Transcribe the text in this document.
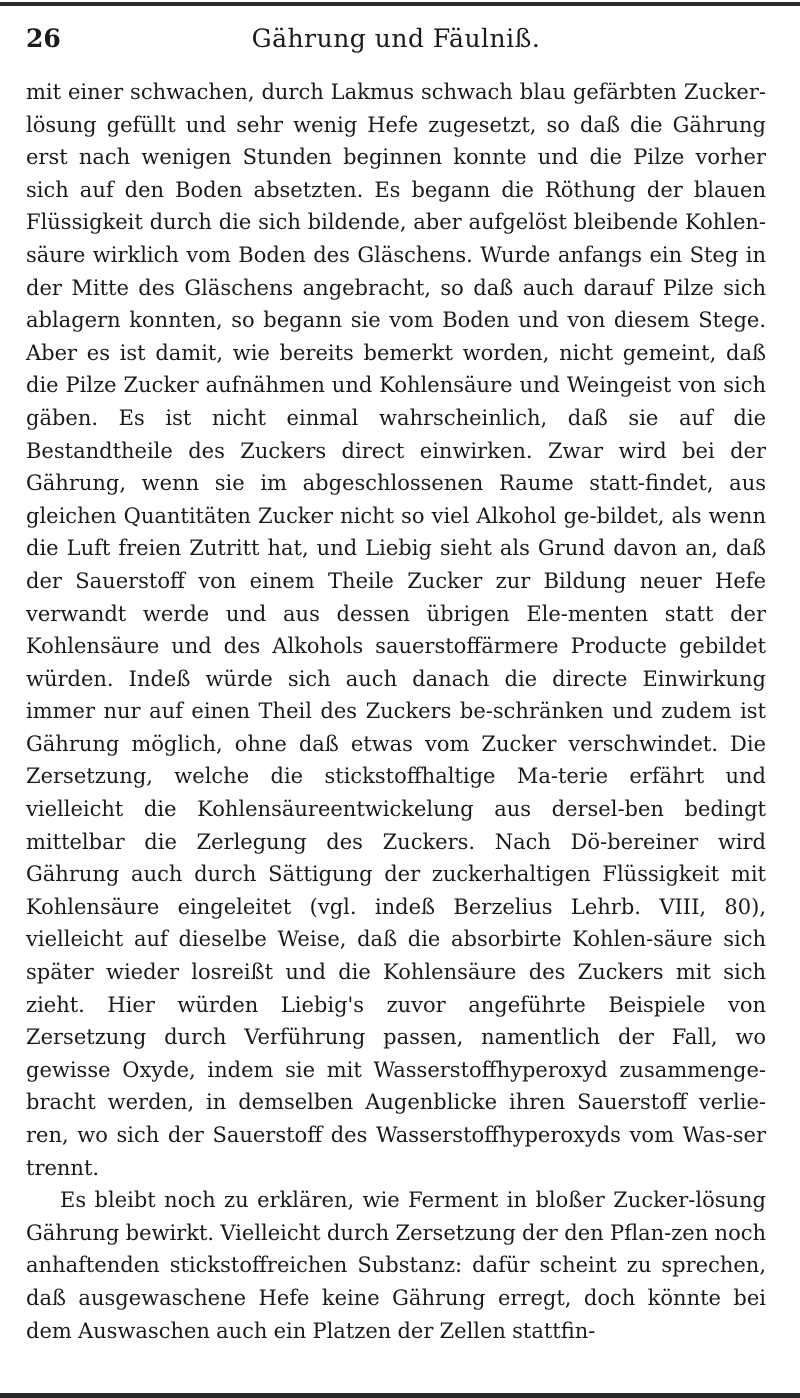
26	Gährung und Fäulniß.

mit einer schwachen, durch Lakmus schwach blau gefärbten Zucker-lösung gefüllt und sehr wenig Hefe zugesetzt, so daß die Gährung erst nach wenigen Stunden beginnen konnte und die Pilze vorher sich auf den Boden absetzten. Es begann die Röthung der blauen Flüssigkeit durch die sich bildende, aber aufgelöst bleibende Kohlen-säure wirklich vom Boden des Gläschens. Wurde anfangs ein Steg in der Mitte des Gläschens angebracht, so daß auch darauf Pilze sich ablagern konnten, so begann sie vom Boden und von diesem Stege. Aber es ist damit, wie bereits bemerkt worden, nicht gemeint, daß die Pilze Zucker aufnähmen und Kohlensäure und Weingeist von sich gäben. Es ist nicht einmal wahrscheinlich, daß sie auf die Bestandtheile des Zuckers direct einwirken. Zwar wird bei der Gährung, wenn sie im abgeschlossenen Raume statt-findet, aus gleichen Quantitäten Zucker nicht so viel Alkohol ge-bildet, als wenn die Luft freien Zutritt hat, und Liebig sieht als Grund davon an, daß der Sauerstoff von einem Theile Zucker zur Bildung neuer Hefe verwandt werde und aus dessen übrigen Ele-menten statt der Kohlensäure und des Alkohols sauerstoffärmere Producte gebildet würden. Indeß würde sich auch danach die directe Einwirkung immer nur auf einen Theil des Zuckers be-schränken und zudem ist Gährung möglich, ohne daß etwas vom Zucker verschwindet. Die Zersetzung, welche die stickstoffhaltige Ma-terie erfährt und vielleicht die Kohlensäureentwickelung aus dersel-ben bedingt mittelbar die Zerlegung des Zuckers. Nach Dö-bereiner wird Gährung auch durch Sättigung der zuckerhaltigen Flüssigkeit mit Kohlensäure eingeleitet (vgl. indeß Berzelius Lehrb. VIII, 80), vielleicht auf dieselbe Weise, daß die absorbirte Kohlen-säure sich später wieder losreißt und die Kohlensäure des Zuckers mit sich zieht. Hier würden Liebig's zuvor angeführte Beispiele von Zersetzung durch Verführung passen, namentlich der Fall, wo gewisse Oxyde, indem sie mit Wasserstoffhyperoxyd zusammenge-bracht werden, in demselben Augenblicke ihren Sauerstoff verlie-ren, wo sich der Sauerstoff des Wasserstoffhyperoxyds vom Was-ser trennt.

Es bleibt noch zu erklären, wie Ferment in bloßer Zucker-lösung Gährung bewirkt. Vielleicht durch Zersetzung der den Pflan-zen noch anhaftenden stickstoffreichen Substanz: dafür scheint zu sprechen, daß ausgewaschene Hefe keine Gährung erregt, doch könnte bei dem Auswaschen auch ein Platzen der Zellen stattfin-
